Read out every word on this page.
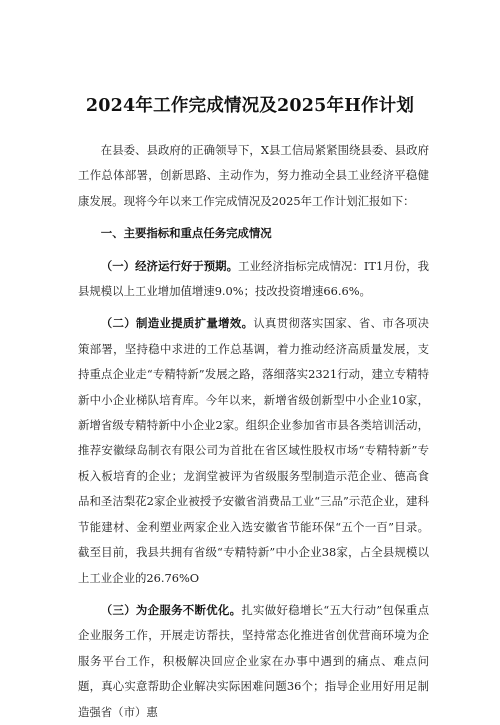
2024年工作完成情况及2025年H作计划

在县委、县政府的正确领导下，X县工信局紧紧围绕县委、县政府工作总体部署，创新思路、主动作为，努力推动全县工业经济平稳健康发展。现将今年以来工作完成情况及2025年工作计划汇报如下：

一、主要指标和重点任务完成情况

（一）经济运行好于预期。工业经济指标完成情况：IT1月份，我县规模以上工业增加值增速9.0%；技改投资增速66.6%。

（二）制造业提质扩量增效。认真贯彻落实国家、省、市各项决策部署，坚持稳中求进的工作总基调，着力推动经济高质量发展，支持重点企业走“专精特新”发展之路，落细落实2321行动，建立专精特新中小企业梯队培育库。今年以来，新增省级创新型中小企业10家，新增省级专精特新中小企业2家。组织企业参加省市县各类培训活动，推荐安徽绿岛制衣有限公司为首批在省区域性股权市场“专精特新”专板入板培育的企业；龙润堂被评为省级服务型制造示范企业、德高食品和圣洁梨花2家企业被授予安徽省消费品工业“三品”示范企业，建科节能建材、金利塑业两家企业入选安徽省节能环保“五个一百”目录。截至目前，我县共拥有省级“专精特新”中小企业38家，占全县规模以上工业企业的26.76%O

（三）为企服务不断优化。扎实做好稳增长“五大行动”包保重点企业服务工作，开展走访帮扶，坚持常态化推进省创优营商环境为企服务平台工作，积极解决回应企业家在办事中遇到的痛点、难点问题，真心实意帮助企业解决实际困难问题36个；指导企业用好用足制造强省（市）惠
